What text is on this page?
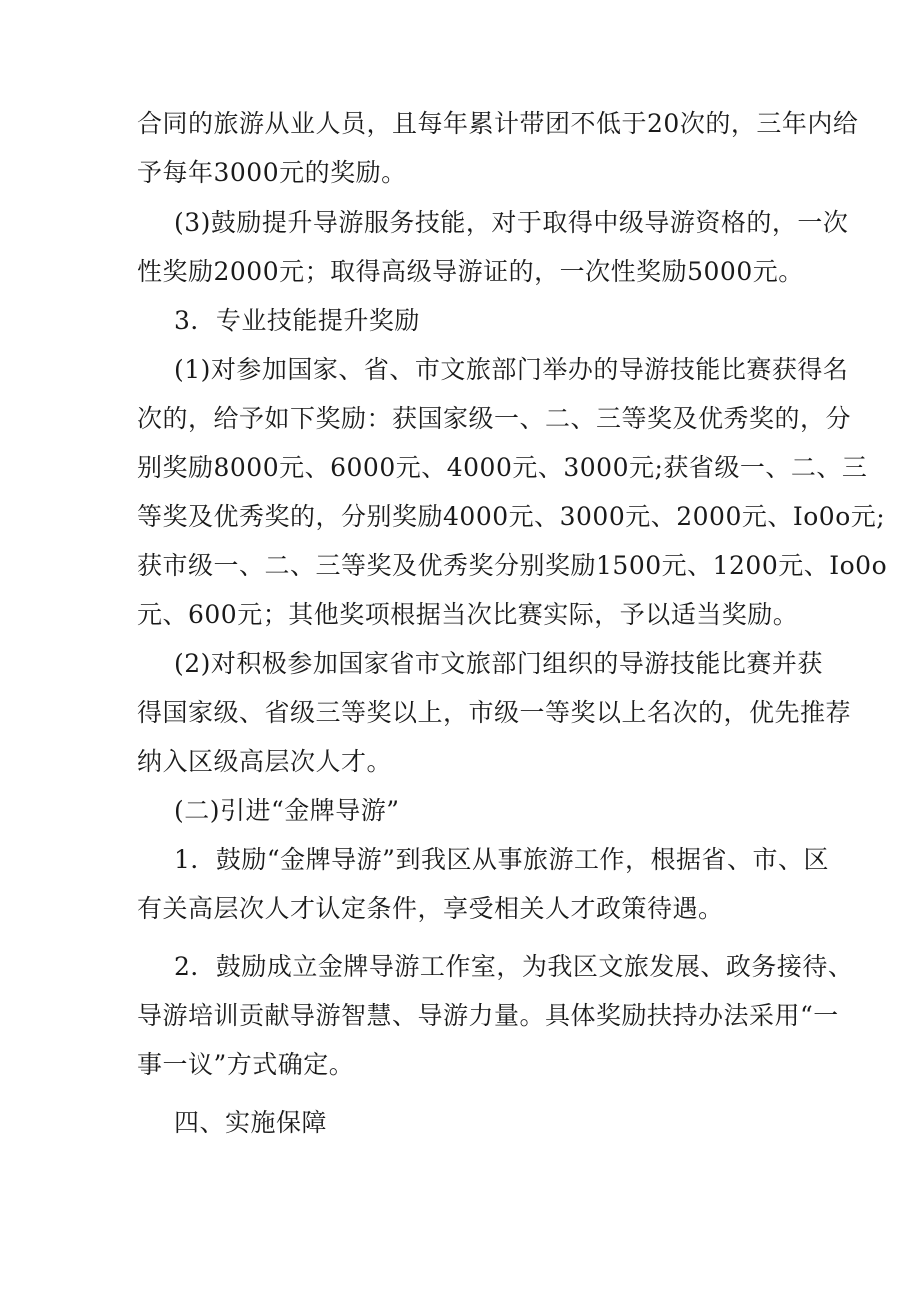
合同的旅游从业人员，且每年累计带团不低于20次的，三年内给
予每年3000元的奖励。
(3)鼓励提升导游服务技能，对于取得中级导游资格的，一次
性奖励2000元；取得高级导游证的，一次性奖励5000元。
3．专业技能提升奖励
(1)对参加国家、省、市文旅部门举办的导游技能比赛获得名
次的，给予如下奖励：获国家级一、二、三等奖及优秀奖的，分
别奖励8000元、6000元、4000元、3000元;获省级一、二、三
等奖及优秀奖的，分别奖励4000元、3000元、2000元、Io0o元;
获市级一、二、三等奖及优秀奖分别奖励1500元、1200元、Io0o
元、600元；其他奖项根据当次比赛实际，予以适当奖励。
(2)对积极参加国家省市文旅部门组织的导游技能比赛并获
得国家级、省级三等奖以上，市级一等奖以上名次的，优先推荐
纳入区级高层次人才。
(二)引进“金牌导游”
1．鼓励“金牌导游”到我区从事旅游工作，根据省、市、区
有关高层次人才认定条件，享受相关人才政策待遇。
2．鼓励成立金牌导游工作室，为我区文旅发展、政务接待、
导游培训贡献导游智慧、导游力量。具体奖励扶持办法采用“一
事一议”方式确定。
四、实施保障
